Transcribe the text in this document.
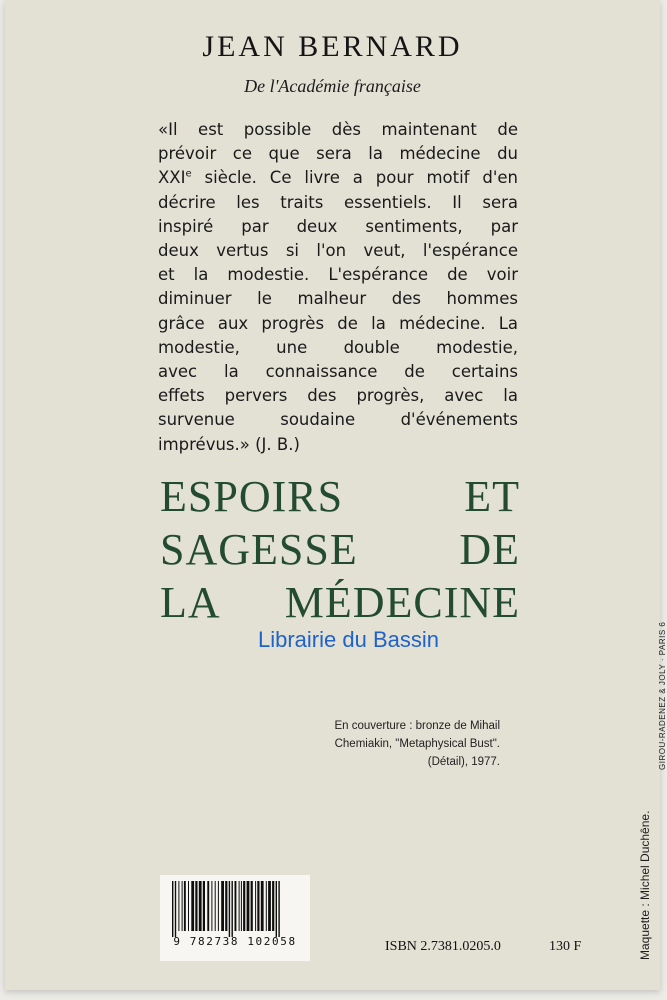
JEAN BERNARD
De l'Académie française
«Il est possible dès maintenant de
prévoir ce que sera la médecine du
XXIe siècle. Ce livre a pour motif d'en
décrire les traits essentiels. Il sera
inspiré par deux sentiments, par
deux vertus si l'on veut, l'espérance
et la modestie. L'espérance de voir
diminuer le malheur des hommes
grâce aux progrès de la médecine. La
modestie, une double modestie,
avec la connaissance de certains
effets pervers des progrès, avec la
survenue soudaine d'événements
imprévus.» (J. B.)
ESPOIRS ET
SAGESSE DE
LA MÉDECINE
Librairie du Bassin
En couverture : bronze de Mihail
Chemiakin, "Metaphysical Bust".
(Détail), 1977.	GIROU-RADENEZ & JOLY · PARIS 6
Maquette : Michel Duchêne.
9 782738 102058	ISBN 2.7381.0205.0	130 F
